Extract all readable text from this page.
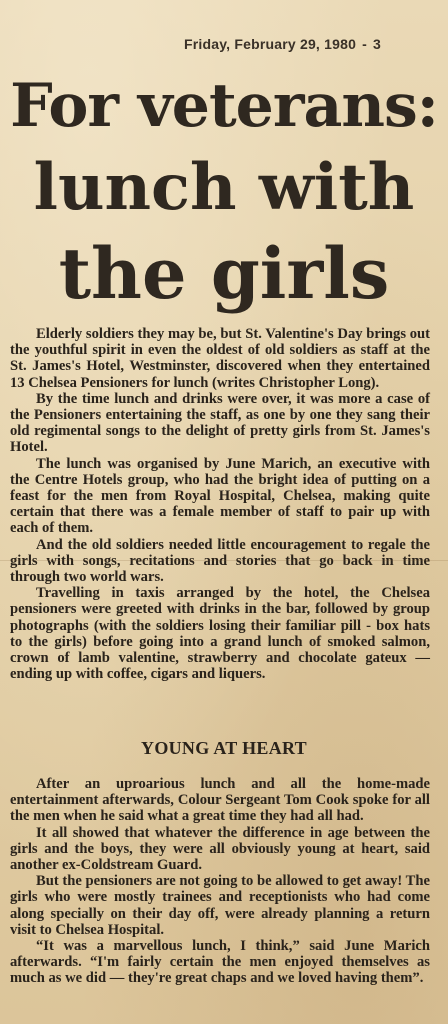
Friday, February 29, 1980 - 3
For veterans:
lunch with
the girls

Elderly soldiers they may be, but St. Valentine's Day brings out the youthful spirit in even the oldest of old soldiers as staff at the St. James's Hotel, Westminster, discovered when they entertained 13 Chelsea Pensioners for lunch (writes Christopher Long).

By the time lunch and drinks were over, it was more a case of the Pensioners entertaining the staff, as one by one they sang their old regimental songs to the delight of pretty girls from St. James's Hotel.

The lunch was organised by June Marich, an executive with the Centre Hotels group, who had the bright idea of putting on a feast for the men from Royal Hospital, Chelsea, making quite certain that there was a female member of staff to pair up with each of them.

And the old soldiers needed little encouragement to regale the girls with songs, recitations and stories that go back in time through two world wars.

Travelling in taxis arranged by the hotel, the Chelsea pensioners were greeted with drinks in the bar, followed by group photographs (with the soldiers losing their familiar pill - box hats to the girls) before going into a grand lunch of smoked salmon, crown of lamb valentine, strawberry and chocolate gateux — ending up with coffee, cigars and liquers.

YOUNG AT HEART

After an uproarious lunch and all the home-made entertainment afterwards, Colour Sergeant Tom Cook spoke for all the men when he said what a great time they had all had.

It all showed that whatever the difference in age between the girls and the boys, they were all obviously young at heart, said another ex-Coldstream Guard.

But the pensioners are not going to be allowed to get away! The girls who were mostly trainees and receptionists who had come along specially on their day off, were already planning a return visit to Chelsea Hospital.

“It was a marvellous lunch, I think,” said June Marich afterwards. “I'm fairly certain the men enjoyed themselves as much as we did — they're great chaps and we loved having them”.
